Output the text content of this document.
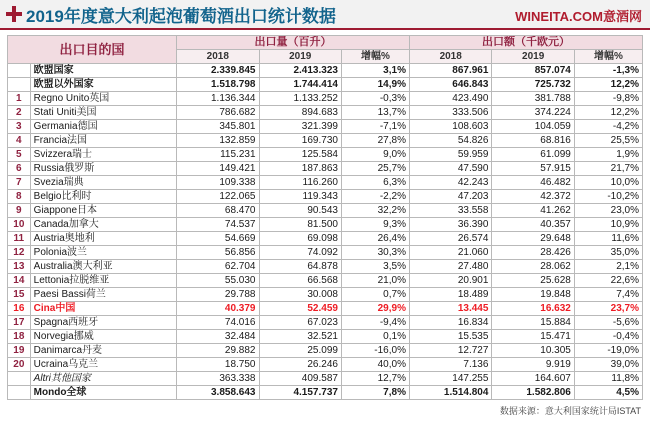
2019年度意大利起泡葡萄酒出口统计数据	WINEITA.COM意酒网
出口目的国		出口量（百升）			出口额（千欧元）		
		2018	2019	增幅%	2018	2019	增幅%
	欧盟国家	2.339.845	2.413.323	3,1%	867.961	857.074	-1,3%
	欧盟以外国家	1.518.798	1.744.414	14,9%	646.843	725.732	12,2%
1	Regno Unito英国	1.136.344	1.133.252	-0,3%	423.490	381.788	-9,8%
2	Stati Uniti美国	786.682	894.683	13,7%	333.506	374.224	12,2%
3	Germania德国	345.801	321.399	-7,1%	108.603	104.059	-4,2%
4	Francia法国	132.859	169.730	27,8%	54.826	68.816	25,5%
5	Svizzera瑞士	115.231	125.584	9,0%	59.959	61.099	1,9%
6	Russia俄罗斯	149.421	187.863	25,7%	47.590	57.915	21,7%
7	Svezia瑞典	109.338	116.260	6,3%	42.243	46.482	10,0%
8	Belgio比利时	122.065	119.343	-2,2%	47.203	42.372	-10,2%
9	Giappone日本	68.470	90.543	32,2%	33.558	41.262	23,0%
10	Canada加拿大	74.537	81.500	9,3%	36.390	40.357	10,9%
11	Austria奥地利	54.669	69.098	26,4%	26.574	29.648	11,6%
12	Polonia波兰	56.856	74.092	30,3%	21.060	28.426	35,0%
13	Australia澳大利亚	62.704	64.878	3,5%	27.480	28.062	2,1%
14	Lettonia拉脱维亚	55.030	66.568	21,0%	20.901	25.628	22,6%
15	Paesi Bassi荷兰	29.788	30.008	0,7%	18.489	19.848	7,4%
16	Cina中国	40.379	52.459	29,9%	13.445	16.632	23,7%
17	Spagna西班牙	74.016	67.023	-9,4%	16.834	15.884	-5,6%
18	Norvegia挪威	32.484	32.521	0,1%	15.535	15.471	-0,4%
19	Danimarca丹麦	29.882	25.099	-16,0%	12.727	10.305	-19,0%
20	Ucraina乌克兰	18.750	26.246	40,0%	7.136	9.919	39,0%
	Altri其他国家	363.338	409.587	12,7%	147.255	164.607	11,8%
	Mondo全球	3.858.643	4.157.737	7,8%	1.514.804	1.582.806	4,5%
数据来源：意大利国家统计局ISTAT
